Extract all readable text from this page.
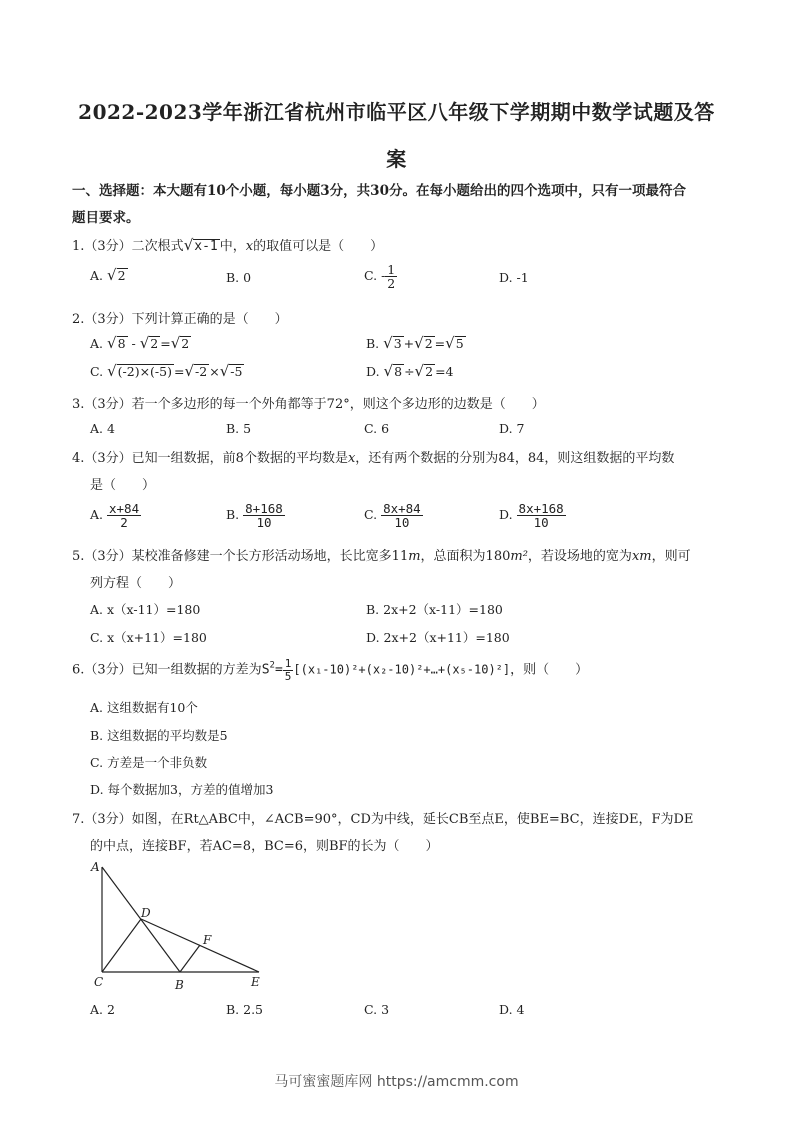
2022-2023学年浙江省杭州市临平区八年级下学期期中数学试题及答
案
一、选择题：本大题有10个小题，每小题3分，共30分。在每小题给出的四个选项中，只有一项最符合
题目要求。
1.（3分）二次根式√x-1 中，x的取值可以是（　　）
A. √2	B. 0	C. - $\frac{1}{2}$	D. -1
2.（3分）下列计算正确的是（　　）
A. √8 - √2 =√2	B. √3 +√2 =√5
C. √(-2)×(-5) =√-2 ×√-5	D. √8 ÷√2 =4
3.（3分）若一个多边形的每一个外角都等于72°，则这个多边形的边数是（　　）
A. 4	B. 5	C. 6	D. 7
4.（3分）已知一组数据，前8个数据的平均数是x，还有两个数据的分别为84，84，则这组数据的平均数
是（　　）
A. $\frac{x+84}{2}$	B. $\frac{8+168}{10}$	C. $\frac{8x+84}{10}$	D. $\frac{8x+168}{10}$
5.（3分）某校准备修建一个长方形活动场地，长比宽多11m，总面积为180m²，若设场地的宽为xm，则可
列方程（　　）
A. x（x-11）=180	B. 2x+2（x-11）=180
C. x（x+11）=180	D. 2x+2（x+11）=180
6.（3分）已知一组数据的方差为$S^2= \frac{1}{5}$ [(x₁-10)²+(x₂-10)²+…+(x₅-10)²]，则（　　）
A. 这组数据有10个
B. 这组数据的平均数是5
C. 方差是一个非负数
D. 每个数据加3，方差的值增加3
7.（3分）如图，在Rt△ABC中，∠ACB=90°，CD为中线，延长CB至点E，使BE=BC，连接DE，F为DE
的中点，连接BF，若AC=8，BC=6，则BF的长为（　　）
A
C	B
D
E
F
A. 2	B. 2.5	C. 3	D. 4
马可蜜蜜题库网 https://amcmm.com
